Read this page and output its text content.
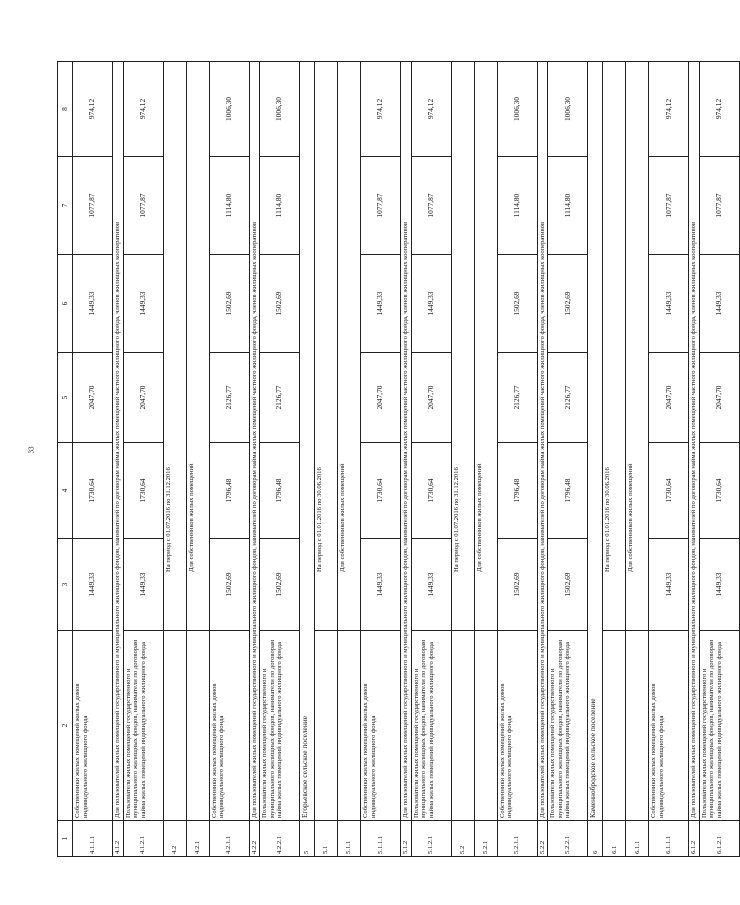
33
1	2	3	4	5	6	7	8
4.1.1.1	Собственники жилых помещений жилых домов индивидуального жилищного фонда	1449,33	1730,64	2047,70	1449,33	1077,87	974,12
4.1.2	Для пользователей жилых помещений государственного и муниципального жилищного фондов, нанимателей по договорам найма жилых помещений частного жилищного фонда, членов жилищных кооперативов						
4.1.2.1	Пользователи жилых помещений государственного и муниципального жилищных фондов, наниматели по договорам найма жилых помещений индивидуального жилищного фонда	1449,33	1730,64	2047,70	1449,33	1077,87	974,12
4.2		На период с 01.07.2016 по 31.12.2016					
4.2.1		Для собственников жилых помещений					
4.2.1.1	Собственники жилых помещений жилых домов индивидуального жилищного фонда	1502,69	1796,48	2126,77	1502,69	1114,80	1006,30
4.2.2	Для пользователей жилых помещений государственного и муниципального жилищного фондов, нанимателей по договорам найма жилых помещений частного жилищного фонда, членов жилищных кооперативов						
4.2.2.1	Пользователи жилых помещений государственного и муниципального жилищных фондов, наниматели по договорам найма жилых помещений индивидуального жилищного фонда	1502,69	1796,48	2126,77	1502,69	1114,80	1006,30
5	Егорьевское сельское поселение						
5.1		На период с 01.01.2016 по 30.06.2016					
5.1.1		Для собственников жилых помещений					
5.1.1.1	Собственники жилых помещений жилых домов индивидуального жилищного фонда	1449,33	1730,64	2047,70	1449,33	1077,87	974,12
5.1.2	Для пользователей жилых помещений государственного и муниципального жилищного фондов, нанимателей по договорам найма жилых помещений частного жилищного фонда, членов жилищных кооперативов						
5.1.2.1	Пользователи жилых помещений государственного и муниципального жилищных фондов, наниматели по договорам найма жилых помещений индивидуального жилищного фонда	1449,33	1730,64	2047,70	1449,33	1077,87	974,12
5.2		На период с 01.07.2016 по 31.12.2016					
5.2.1		Для собственников жилых помещений					
5.2.1.1	Собственники жилых помещений жилых домов индивидуального жилищного фонда	1502,69	1796,48	2126,77	1502,69	1114,80	1006,30
5.2.2	Для пользователей жилых помещений государственного и муниципального жилищного фондов, нанимателей по договорам найма жилых помещений частного жилищного фонда, членов жилищных кооперативов						
5.2.2.1	Пользователи жилых помещений государственного и муниципального жилищных фондов, наниматели по договорам найма жилых помещений индивидуального жилищного фонда	1502,69	1796,48	2126,77	1502,69	1114,80	1006,30
6	Каменнобродское сельское поселение						
6.1		На период с 01.01.2016 по 30.06.2016					
6.1.1		Для собственников жилых помещений					
6.1.1.1	Собственники жилых помещений жилых домов индивидуального жилищного фонда	1449,33	1730,64	2047,70	1449,33	1077,87	974,12
6.1.2	Для пользователей жилых помещений государственного и муниципального жилищного фондов, нанимателей по договорам найма жилых помещений частного жилищного фонда, членов жилищных кооперативов						
6.1.2.1	Пользователи жилых помещений государственного и муниципального жилищных фондов, наниматели по договорам найма жилых помещений индивидуального жилищного фонда	1449,33	1730,64	2047,70	1449,33	1077,87	974,12
